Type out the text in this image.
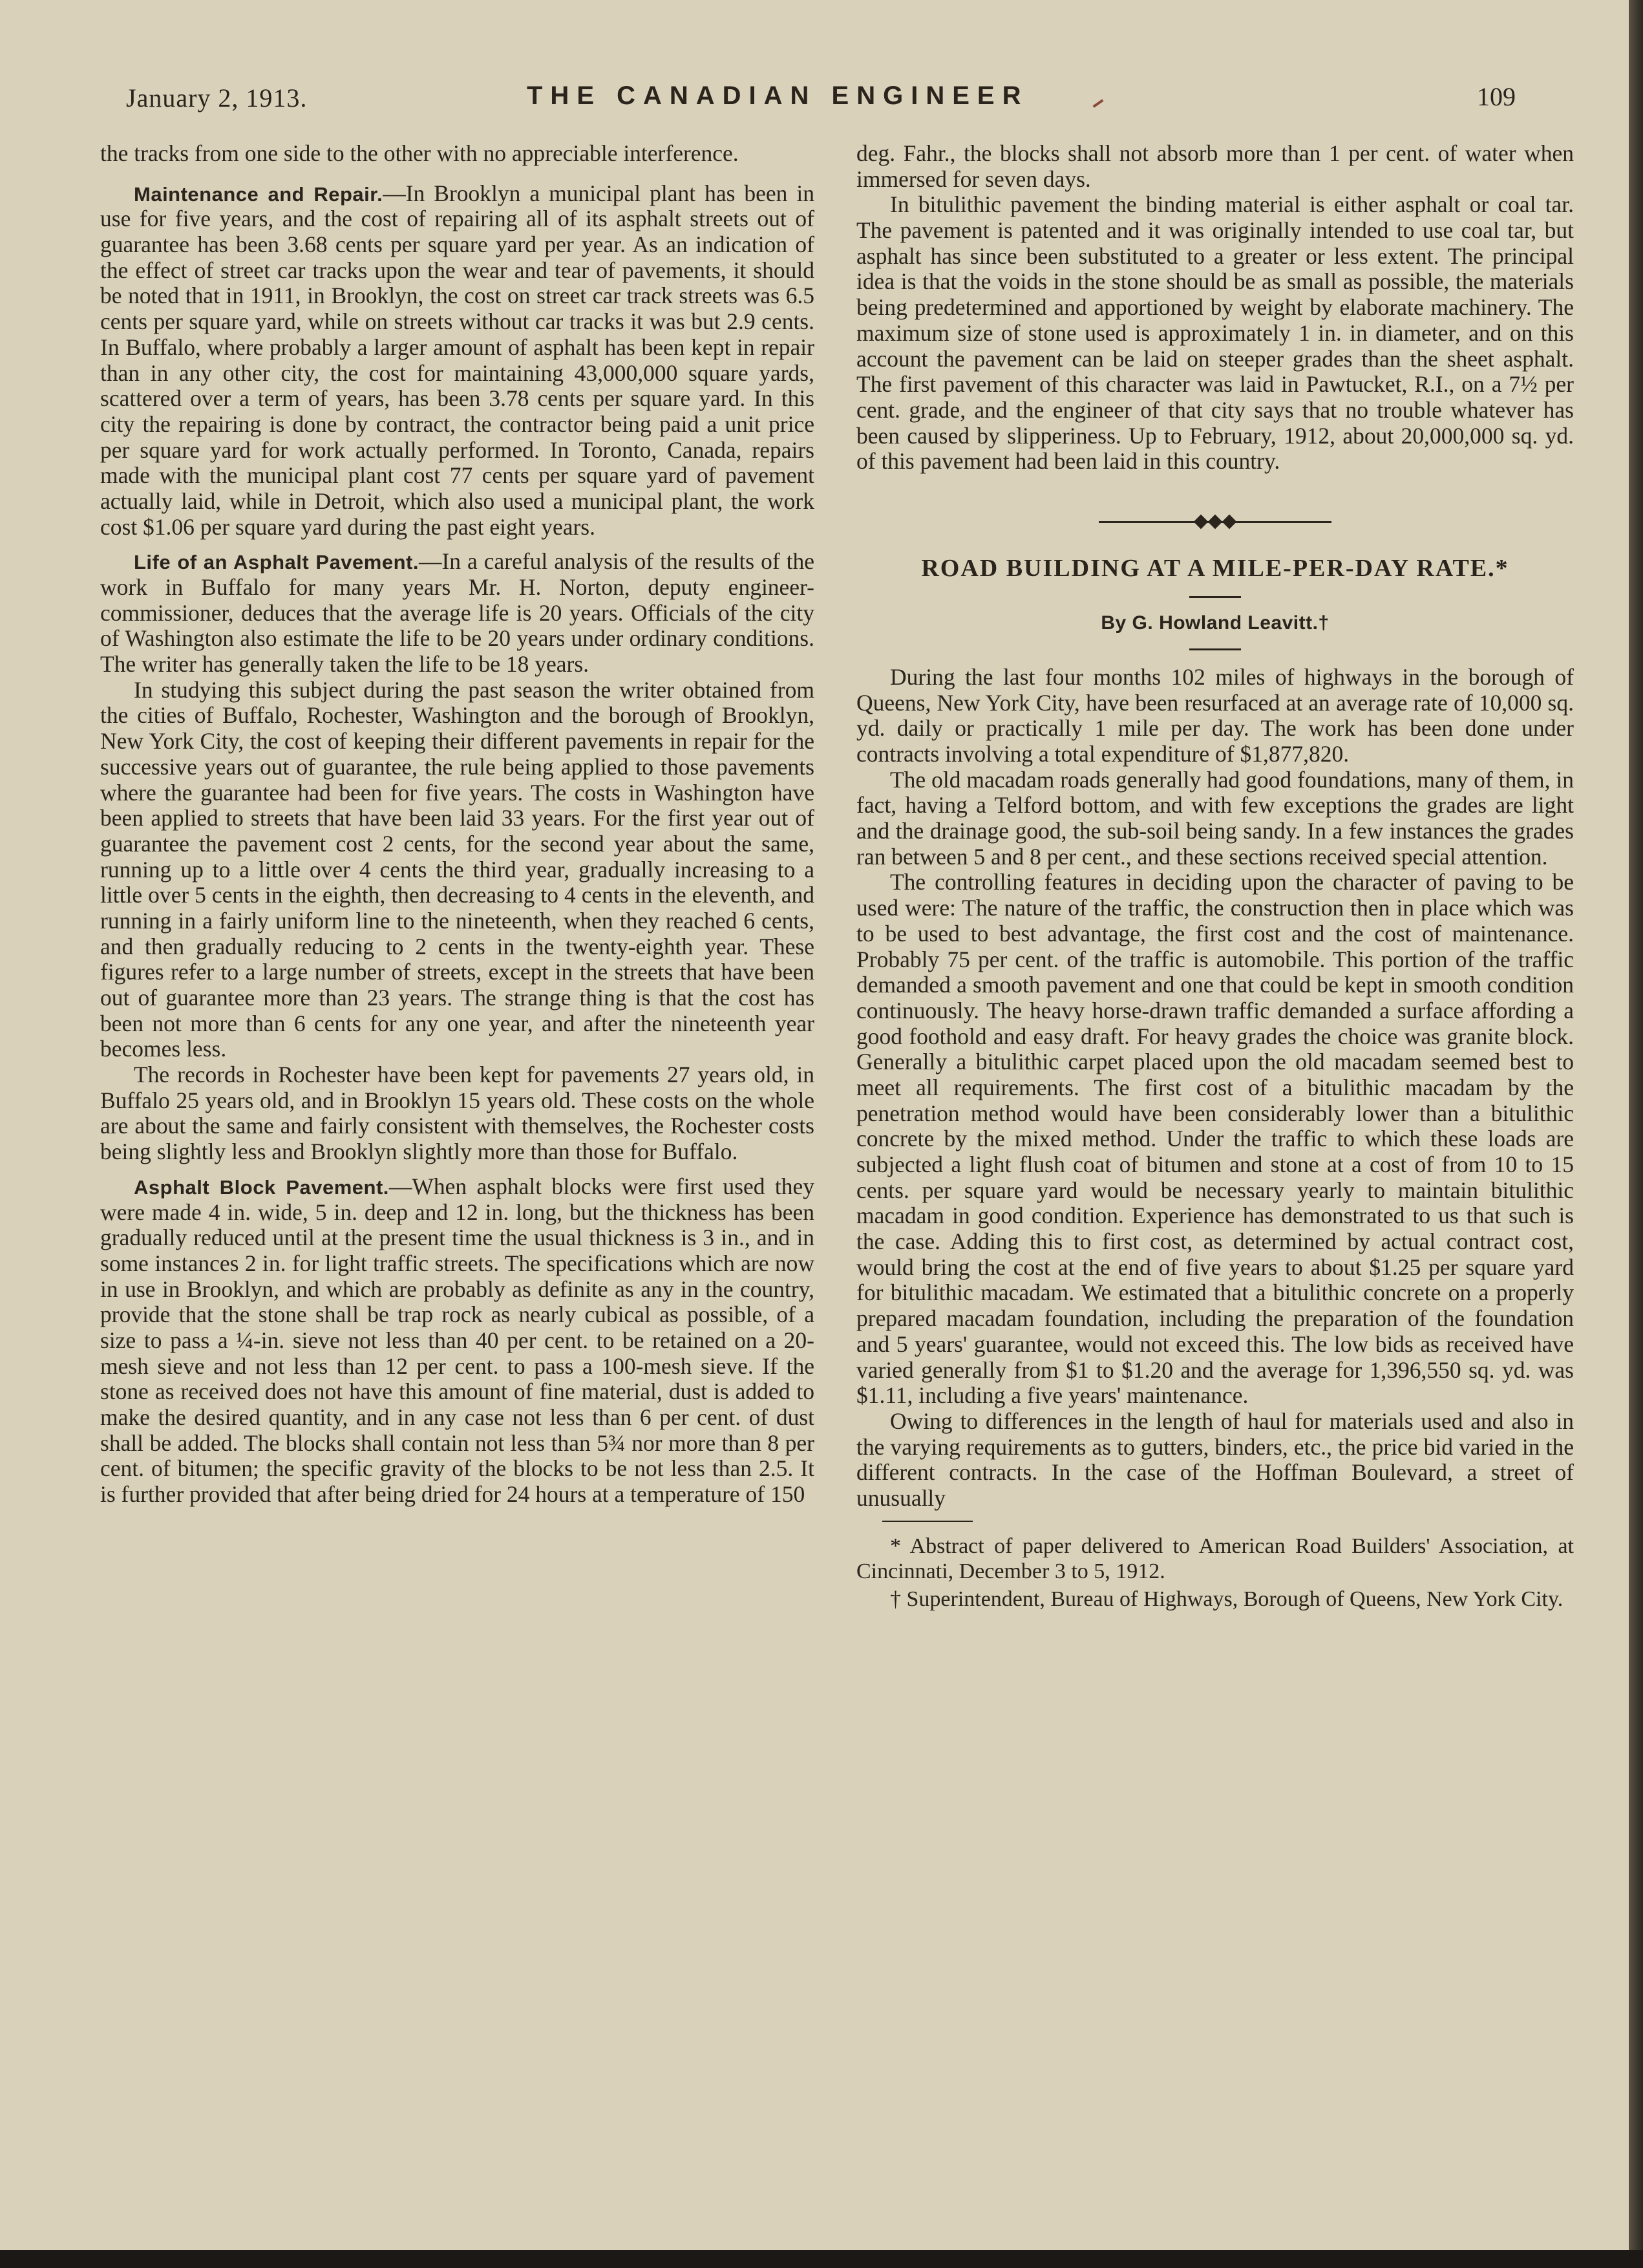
January 2, 1913.	THE CANADIAN ENGINEER	109

the tracks from one side to the other with no appreciable interference.

Maintenance and Repair.—In Brooklyn a municipal plant has been in use for five years, and the cost of repairing all of its asphalt streets out of guarantee has been 3.68 cents per square yard per year. As an indication of the effect of street car tracks upon the wear and tear of pavements, it should be noted that in 1911, in Brooklyn, the cost on street car track streets was 6.5 cents per square yard, while on streets without car tracks it was but 2.9 cents. In Buffalo, where probably a larger amount of asphalt has been kept in repair than in any other city, the cost for maintaining 43,000,000 square yards, scattered over a term of years, has been 3.78 cents per square yard. In this city the repairing is done by contract, the contractor being paid a unit price per square yard for work actually performed. In Toronto, Canada, repairs made with the municipal plant cost 77 cents per square yard of pavement actually laid, while in Detroit, which also used a municipal plant, the work cost $1.06 per square yard during the past eight years.

Life of an Asphalt Pavement.—In a careful analysis of the results of the work in Buffalo for many years Mr. H. Norton, deputy engineer-commissioner, deduces that the average life is 20 years. Officials of the city of Washington also estimate the life to be 20 years under ordinary conditions. The writer has generally taken the life to be 18 years.

In studying this subject during the past season the writer obtained from the cities of Buffalo, Rochester, Washington and the borough of Brooklyn, New York City, the cost of keeping their different pavements in repair for the successive years out of guarantee, the rule being applied to those pavements where the guarantee had been for five years. The costs in Washington have been applied to streets that have been laid 33 years. For the first year out of guarantee the pavement cost 2 cents, for the second year about the same, running up to a little over 4 cents the third year, gradually increasing to a little over 5 cents in the eighth, then decreasing to 4 cents in the eleventh, and running in a fairly uniform line to the nineteenth, when they reached 6 cents, and then gradually reducing to 2 cents in the twenty-eighth year. These figures refer to a large number of streets, except in the streets that have been out of guarantee more than 23 years. The strange thing is that the cost has been not more than 6 cents for any one year, and after the nineteenth year becomes less.

The records in Rochester have been kept for pavements 27 years old, in Buffalo 25 years old, and in Brooklyn 15 years old. These costs on the whole are about the same and fairly consistent with themselves, the Rochester costs being slightly less and Brooklyn slightly more than those for Buffalo.

Asphalt Block Pavement.—When asphalt blocks were first used they were made 4 in. wide, 5 in. deep and 12 in. long, but the thickness has been gradually reduced until at the present time the usual thickness is 3 in., and in some instances 2 in. for light traffic streets. The specifications which are now in use in Brooklyn, and which are probably as definite as any in the country, provide that the stone shall be trap rock as nearly cubical as possible, of a size to pass a ¼-in. sieve not less than 40 per cent. to be retained on a 20-mesh sieve and not less than 12 per cent. to pass a 100-mesh sieve. If the stone as received does not have this amount of fine material, dust is added to make the desired quantity, and in any case not less than 6 per cent. of dust shall be added. The blocks shall contain not less than 5¾ nor more than 8 per cent. of bitumen; the specific gravity of the blocks to be not less than 2.5. It is further provided that after being dried for 24 hours at a temperature of 150

deg. Fahr., the blocks shall not absorb more than 1 per cent. of water when immersed for seven days.

In bitulithic pavement the binding material is either asphalt or coal tar. The pavement is patented and it was originally intended to use coal tar, but asphalt has since been substituted to a greater or less extent. The principal idea is that the voids in the stone should be as small as possible, the materials being predetermined and apportioned by weight by elaborate machinery. The maximum size of stone used is approximately 1 in. in diameter, and on this account the pavement can be laid on steeper grades than the sheet asphalt. The first pavement of this character was laid in Pawtucket, R.I., on a 7½ per cent. grade, and the engineer of that city says that no trouble whatever has been caused by slipperiness. Up to February, 1912, about 20,000,000 sq. yd. of this pavement had been laid in this country.

ROAD BUILDING AT A MILE-PER-DAY RATE.*
By G. Howland Leavitt.†

During the last four months 102 miles of highways in the borough of Queens, New York City, have been resurfaced at an average rate of 10,000 sq. yd. daily or practically 1 mile per day. The work has been done under contracts involving a total expenditure of $1,877,820.

The old macadam roads generally had good foundations, many of them, in fact, having a Telford bottom, and with few exceptions the grades are light and the drainage good, the sub-soil being sandy. In a few instances the grades ran between 5 and 8 per cent., and these sections received special attention.

The controlling features in deciding upon the character of paving to be used were: The nature of the traffic, the construction then in place which was to be used to best advantage, the first cost and the cost of maintenance. Probably 75 per cent. of the traffic is automobile. This portion of the traffic demanded a smooth pavement and one that could be kept in smooth condition continuously. The heavy horse-drawn traffic demanded a surface affording a good foothold and easy draft. For heavy grades the choice was granite block. Generally a bitulithic carpet placed upon the old macadam seemed best to meet all requirements. The first cost of a bitulithic macadam by the penetration method would have been considerably lower than a bitulithic concrete by the mixed method. Under the traffic to which these loads are subjected a light flush coat of bitumen and stone at a cost of from 10 to 15 cents. per square yard would be necessary yearly to maintain bitulithic macadam in good condition. Experience has demonstrated to us that such is the case. Adding this to first cost, as determined by actual contract cost, would bring the cost at the end of five years to about $1.25 per square yard for bitulithic macadam. We estimated that a bitulithic concrete on a properly prepared macadam foundation, including the preparation of the foundation and 5 years' guarantee, would not exceed this. The low bids as received have varied generally from $1 to $1.20 and the average for 1,396,550 sq. yd. was $1.11, including a five years' maintenance.

Owing to differences in the length of haul for materials used and also in the varying requirements as to gutters, binders, etc., the price bid varied in the different contracts. In the case of the Hoffman Boulevard, a street of unusually

* Abstract of paper delivered to American Road Builders' Association, at Cincinnati, December 3 to 5, 1912.

† Superintendent, Bureau of Highways, Borough of Queens, New York City.
